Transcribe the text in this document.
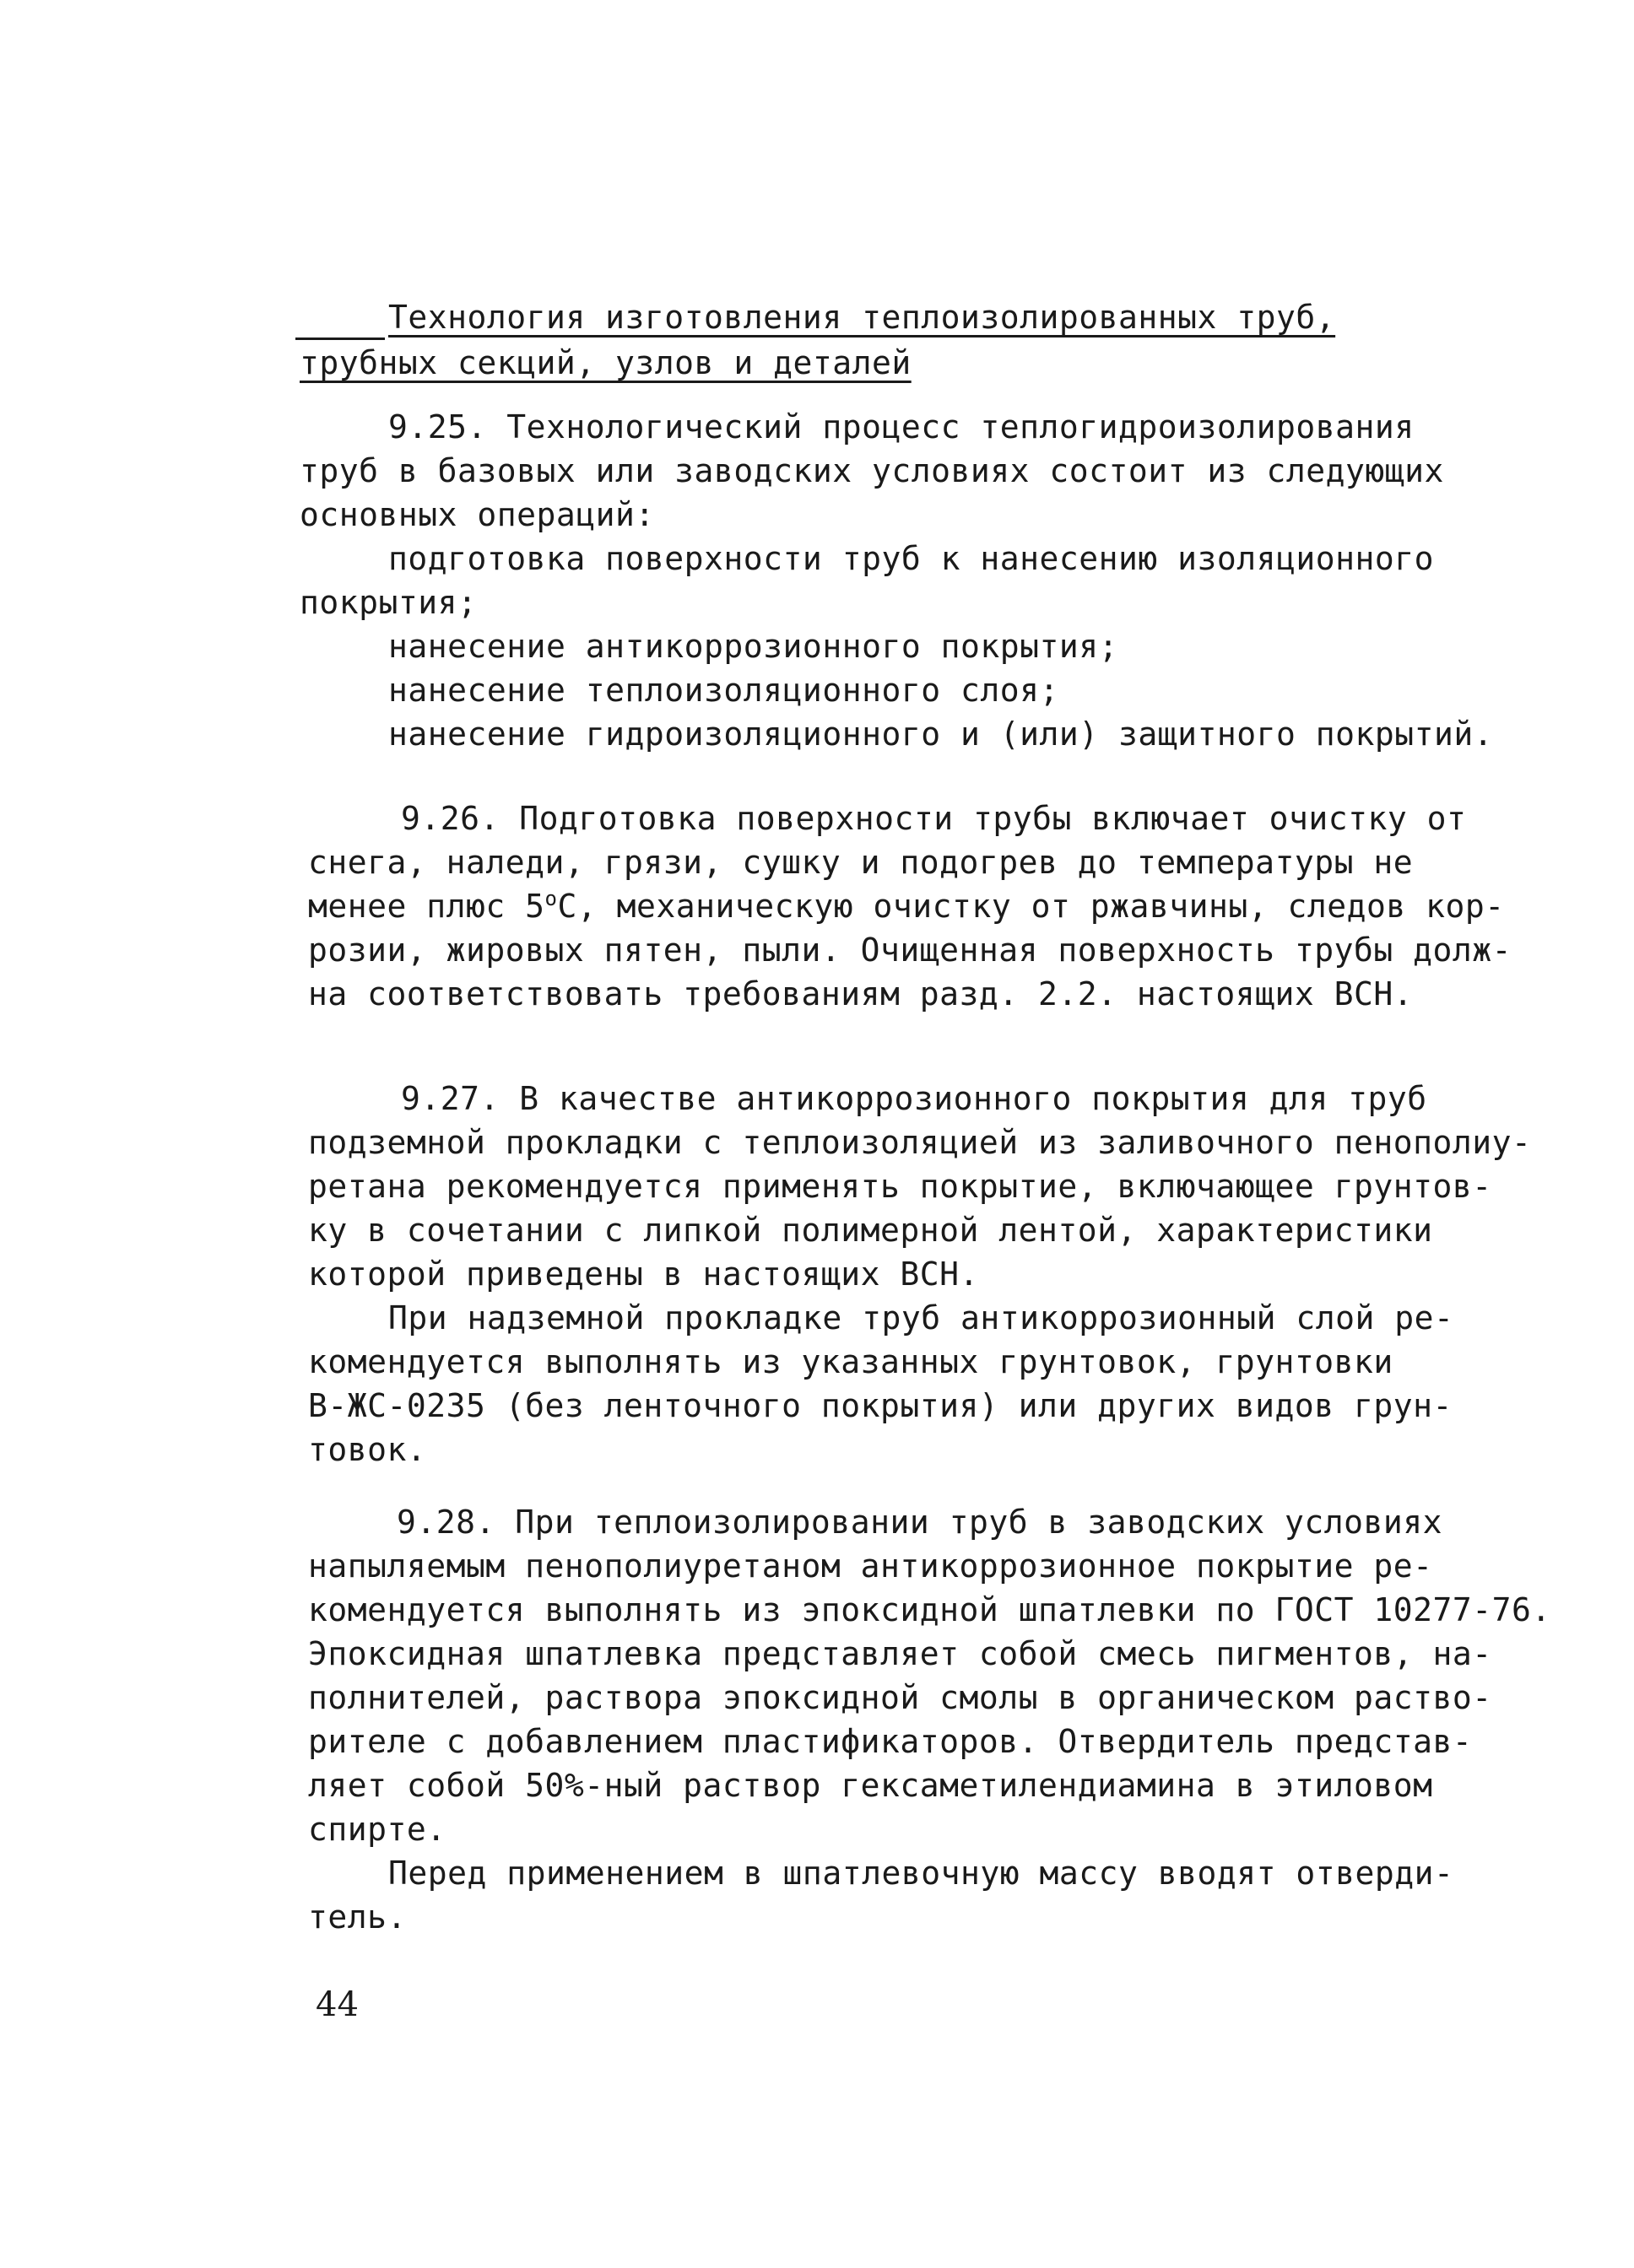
Технология изготовления теплоизолированных труб,
трубных секций, узлов и деталей
9.25. Технологический процесс теплогидроизолирования
труб в базовых или заводских условиях состоит из следующих
основных операций:
подготовка поверхности труб к нанесению изоляционного
покрытия;
нанесение антикоррозионного покрытия;
нанесение теплоизоляционного слоя;
нанесение гидроизоляционного и (или) защитного покрытий.
9.26. Подготовка поверхности трубы включает очистку от
снега, наледи, грязи, сушку и подогрев до температуры не
менее плюс $5^оС$, механическую очистку от ржавчины, следов кор-
розии, жировых пятен, пыли. Очищенная поверхность трубы долж-
на соответствовать требованиям разд. 2.2. настоящих ВСН.
9.27. В качестве антикоррозионного покрытия для труб
подземной прокладки с теплоизоляцией из заливочного пенополиу-
ретана рекомендуется применять покрытие, включающее грунтов-
ку в сочетании с липкой полимерной лентой, характеристики
которой приведены в настоящих ВСН.
При надземной прокладке труб антикоррозионный слой ре-
комендуется выполнять из указанных грунтовок, грунтовки
В-ЖС-0235 (без ленточного покрытия) или других видов грун-
товок.
9.28. При теплоизолировании труб в заводских условиях
напыляемым пенополиуретаном антикоррозионное покрытие ре-
комендуется выполнять из эпоксидной шпатлевки по ГОСТ 10277-76.
Эпоксидная шпатлевка представляет собой смесь пигментов, на-
полнителей, раствора эпоксидной смолы в органическом раство-
рителе с добавлением пластификаторов. Отвердитель представ-
ляет собой 50%-ный раствор гексаметилендиамина в этиловом
спирте.
Перед применением в шпатлевочную массу вводят отверди-
тель.
44
